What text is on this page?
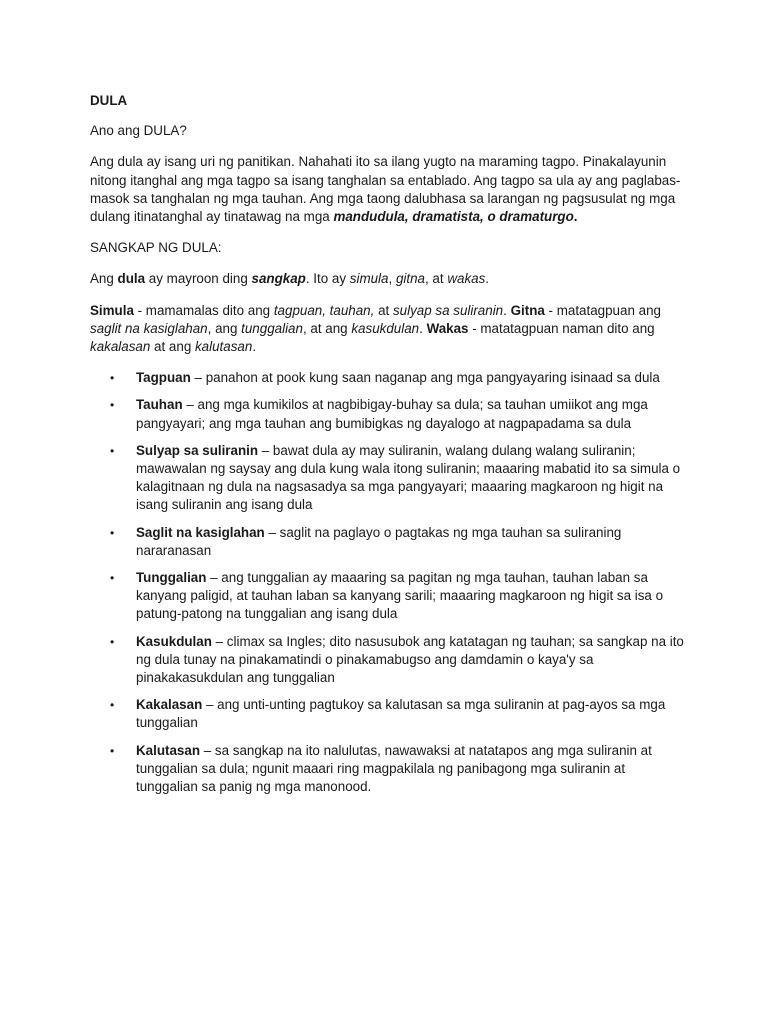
DULA

Ano ang DULA?

Ang dula ay isang uri ng panitikan. Nahahati ito sa ilang yugto na maraming tagpo. Pinakalayunin nitong itanghal ang mga tagpo sa isang tanghalan sa entablado. Ang tagpo sa ula ay ang paglabas-masok sa tanghalan ng mga tauhan. Ang mga taong dalubhasa sa larangan ng pagsusulat ng mga dulang itinatanghal ay tinatawag na mga mandudula, dramatista, o dramaturgo.

SANGKAP NG DULA:

Ang dula ay mayroon ding sangkap. Ito ay simula, gitna, at wakas.

Simula - mamamalas dito ang tagpuan, tauhan, at sulyap sa suliranin. Gitna - matatagpuan ang saglit na kasiglahan, ang tunggalian, at ang kasukdulan. Wakas - matatagpuan naman dito ang kakalasan at ang kalutasan.

• Tagpuan – panahon at pook kung saan naganap ang mga pangyayaring isinaad sa dula
• Tauhan – ang mga kumikilos at nagbibigay-buhay sa dula; sa tauhan umiikot ang mga pangyayari; ang mga tauhan ang bumibigkas ng dayalogo at nagpapadama sa dula
• Sulyap sa suliranin – bawat dula ay may suliranin, walang dulang walang suliranin; mawawalan ng saysay ang dula kung wala itong suliranin; maaaring mabatid ito sa simula o kalagitnaan ng dula na nagsasadya sa mga pangyayari; maaaring magkaroon ng higit na isang suliranin ang isang dula
• Saglit na kasiglahan – saglit na paglayo o pagtakas ng mga tauhan sa suliraning nararanasan
• Tunggalian – ang tunggalian ay maaaring sa pagitan ng mga tauhan, tauhan laban sa kanyang paligid, at tauhan laban sa kanyang sarili; maaaring magkaroon ng higit sa isa o patung-patong na tunggalian ang isang dula
• Kasukdulan – climax sa Ingles; dito nasusubok ang katatagan ng tauhan; sa sangkap na ito ng dula tunay na pinakamatindi o pinakamabugso ang damdamin o kaya'y sa pinakakasukdulan ang tunggalian
• Kakalasan – ang unti-unting pagtukoy sa kalutasan sa mga suliranin at pag-ayos sa mga tunggalian
• Kalutasan – sa sangkap na ito nalulutas, nawawaksi at natatapos ang mga suliranin at tunggalian sa dula; ngunit maaari ring magpakilala ng panibagong mga suliranin at tunggalian sa panig ng mga manonood.
